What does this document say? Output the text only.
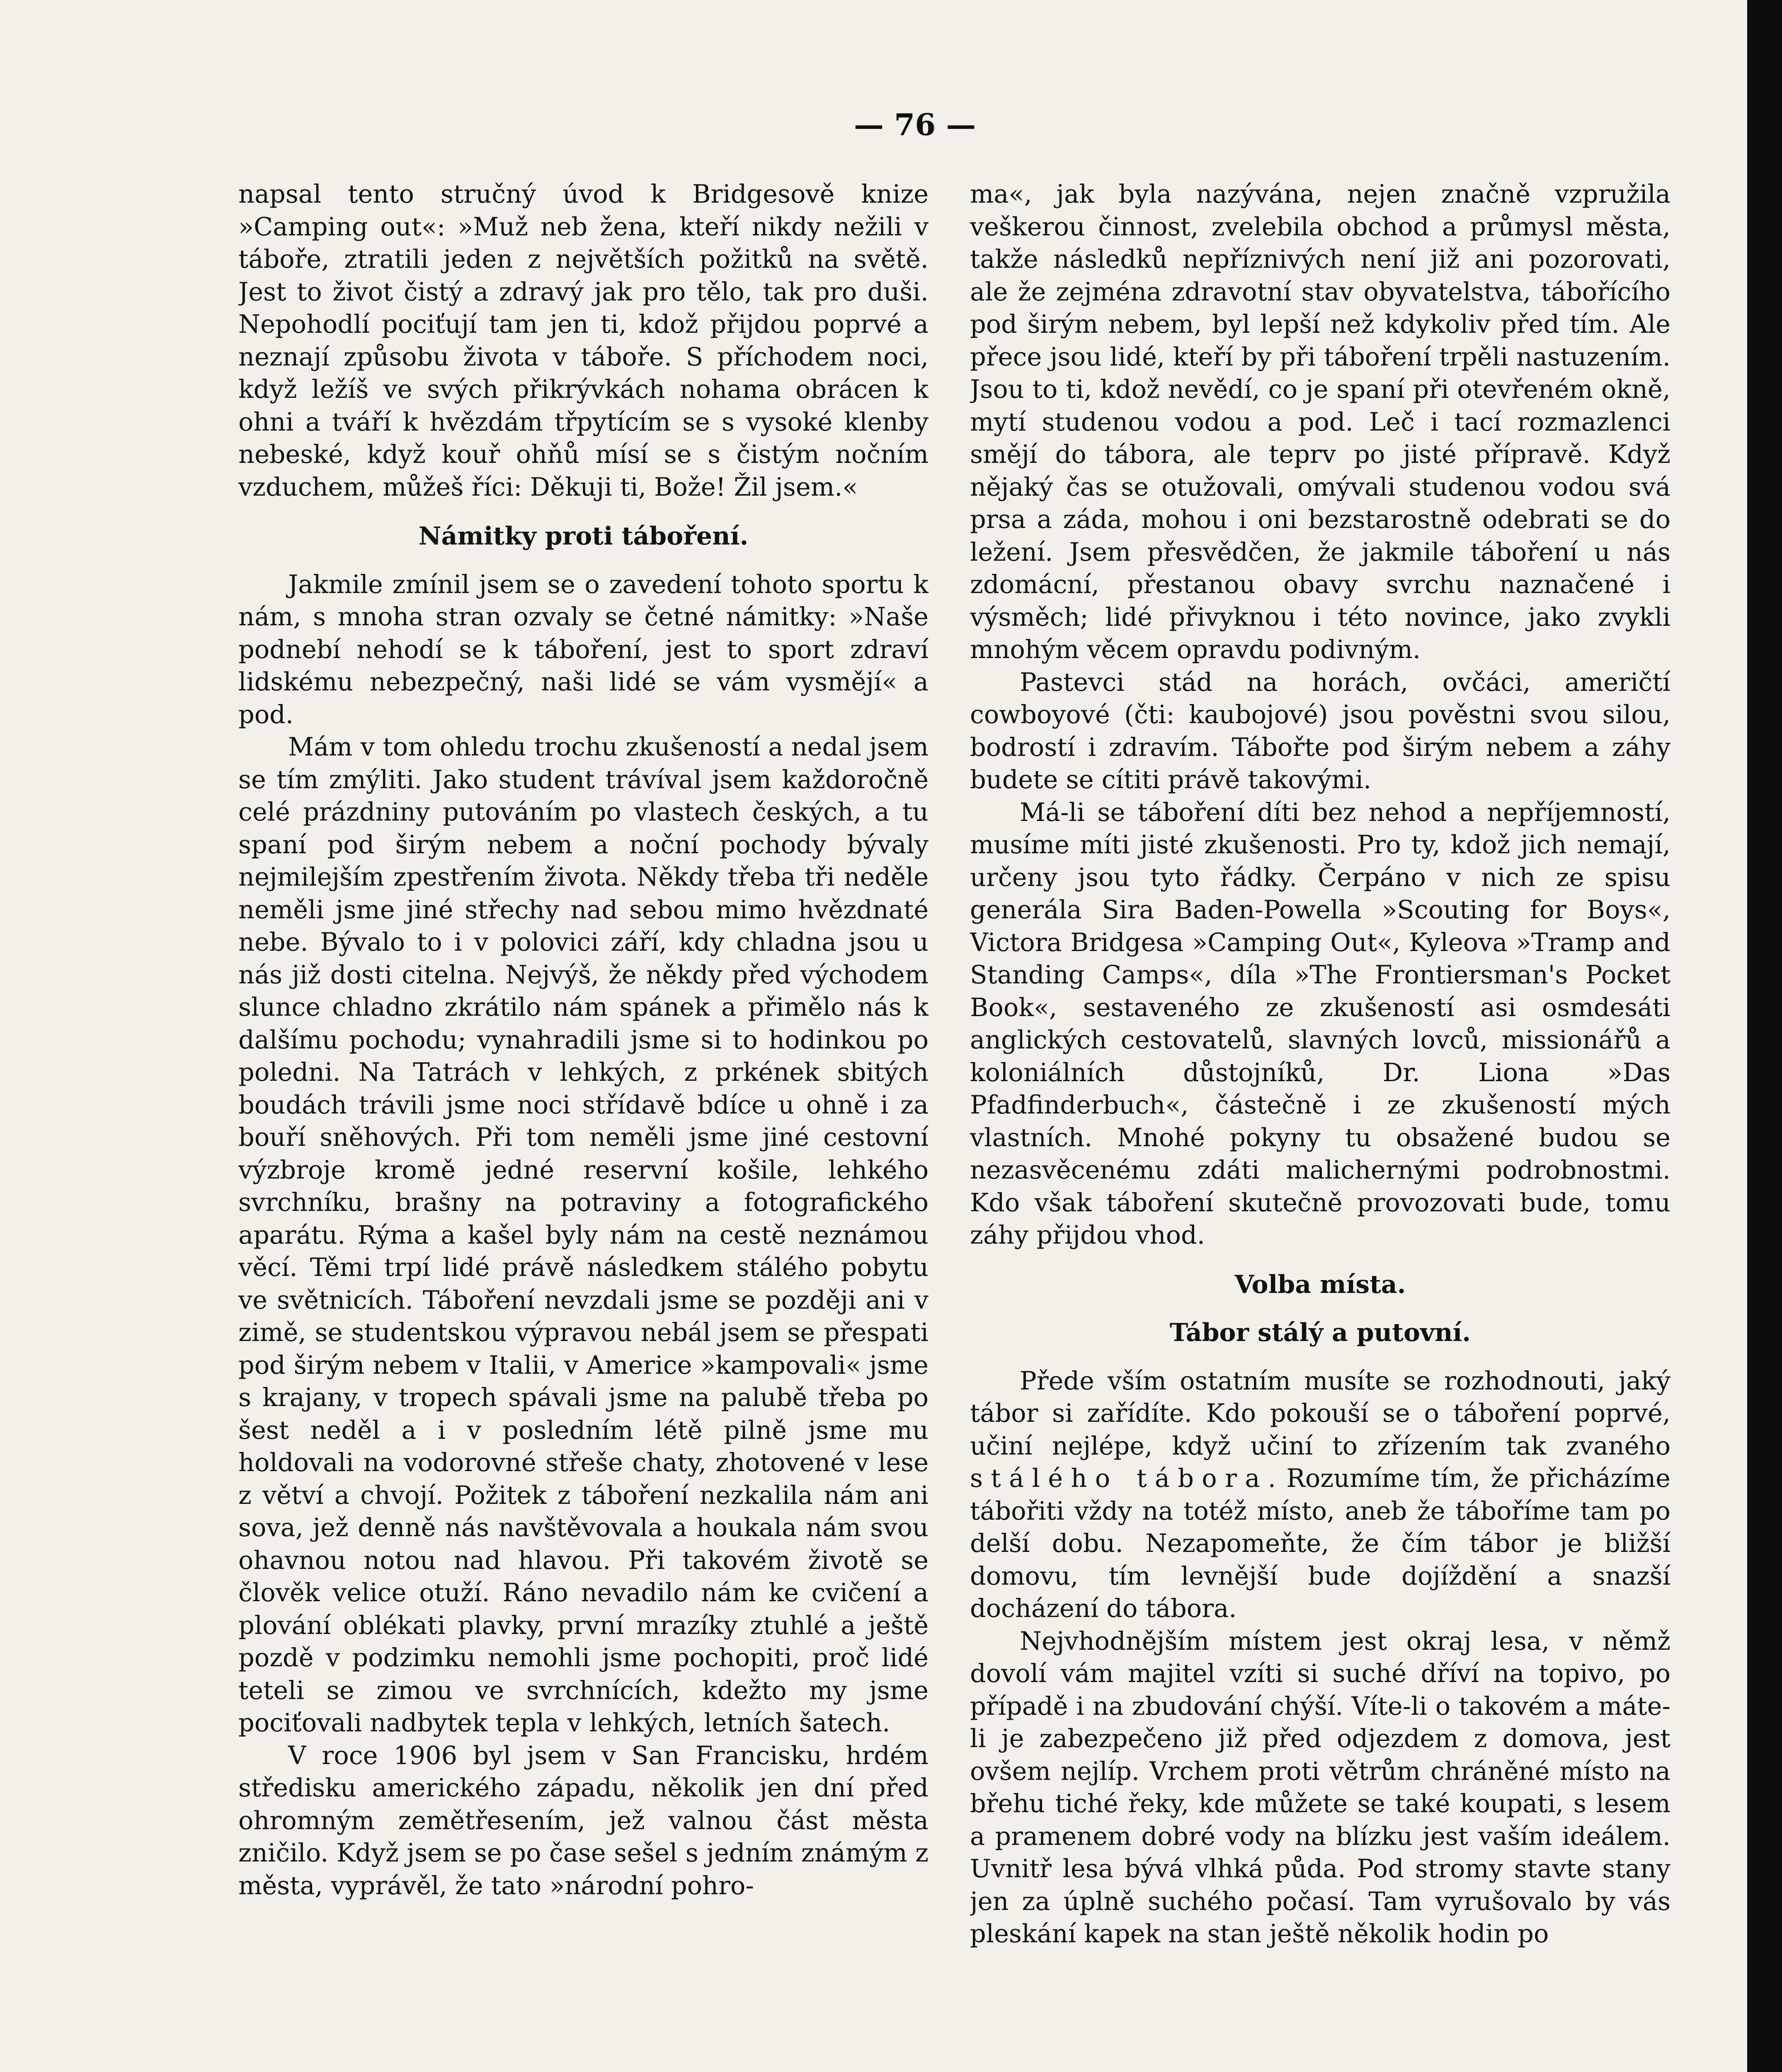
— 76 —

napsal tento stručný úvod k Bridgesově knize »Camping out«: »Muž neb žena, kteří nikdy nežili v táboře, ztratili jeden z největších požitků na světě. Jest to život čistý a zdravý jak pro tělo, tak pro duši. Nepohodlí pociťují tam jen ti, kdož přijdou poprvé a neznají způsobu života v táboře. S příchodem noci, když ležíš ve svých přikrývkách nohama obrácen k ohni a tváří k hvězdám třpytícím se s vysoké klenby nebeské, když kouř ohňů mísí se s čistým nočním vzduchem, můžeš říci: Děkuji ti, Bože! Žil jsem.«

Námitky proti táboření.

Jakmile zmínil jsem se o zavedení tohoto sportu k nám, s mnoha stran ozvaly se četné námitky: »Naše podnebí nehodí se k táboření, jest to sport zdraví lidskému nebezpečný, naši lidé se vám vysmějí« a pod.

Mám v tom ohledu trochu zkušeností a nedal jsem se tím zmýliti. Jako student trávíval jsem každoročně celé prázdniny putováním po vlastech českých, a tu spaní pod širým nebem a noční pochody bývaly nejmilejším zpestřením života. Někdy třeba tři neděle neměli jsme jiné střechy nad sebou mimo hvězdnaté nebe. Bývalo to i v polovici září, kdy chladna jsou u nás již dosti citelna. Nejvýš, že někdy před východem slunce chladno zkrátilo nám spánek a přimělo nás k dalšímu pochodu; vynahradili jsme si to hodinkou po poledni. Na Tatrách v lehkých, z prkének sbitých boudách trávili jsme noci střídavě bdíce u ohně i za bouří sněhových. Při tom neměli jsme jiné cestovní výzbroje kromě jedné reservní košile, lehkého svrchníku, brašny na potraviny a fotografického aparátu. Rýma a kašel byly nám na cestě neznámou věcí. Těmi trpí lidé právě následkem stálého pobytu ve světnicích. Táboření nevzdali jsme se později ani v zimě, se studentskou výpravou nebál jsem se přespati pod širým nebem v Italii, v Americe »kampovali« jsme s krajany, v tropech spávali jsme na palubě třeba po šest neděl a i v posledním létě pilně jsme mu holdovali na vodorovné střeše chaty, zhotovené v lese z větví a chvojí. Požitek z táboření nezkalila nám ani sova, jež denně nás navštěvovala a houkala nám svou ohavnou notou nad hlavou. Při takovém životě se člověk velice otuží. Ráno nevadilo nám ke cvičení a plování oblékati plavky, první mrazíky ztuhlé a ještě pozdě v podzimku nemohli jsme pochopiti, proč lidé teteli se zimou ve svrchnících, kdežto my jsme pociťovali nadbytek tepla v lehkých, letních šatech.

V roce 1906 byl jsem v San Francisku, hrdém středisku amerického západu, několik jen dní před ohromným zemětřesením, jež valnou část města zničilo. Když jsem se po čase sešel s jedním známým z města, vyprávěl, že tato »národní pohro-

ma«, jak byla nazývána, nejen značně vzpružila veškerou činnost, zvelebila obchod a průmysl města, takže následků nepříznivých není již ani pozorovati, ale že zejména zdravotní stav obyvatelstva, tábořícího pod širým nebem, byl lepší než kdykoliv před tím. Ale přece jsou lidé, kteří by při táboření trpěli nastuzením. Jsou to ti, kdož nevědí, co je spaní při otevřeném okně, mytí studenou vodou a pod. Leč i tací rozmazlenci smějí do tábora, ale teprv po jisté přípravě. Když nějaký čas se otužovali, omývali studenou vodou svá prsa a záda, mohou i oni bezstarostně odebrati se do ležení. Jsem přesvědčen, že jakmile táboření u nás zdomácní, přestanou obavy svrchu naznačené i výsměch; lidé přivyknou i této novince, jako zvykli mnohým věcem opravdu podivným.

Pastevci stád na horách, ovčáci, američtí cowboyové (čti: kaubojové) jsou pověstni svou silou, bodrostí i zdravím. Tábořte pod širým nebem a záhy budete se cítiti právě takovými.

Má-li se táboření díti bez nehod a nepříjemností, musíme míti jisté zkušenosti. Pro ty, kdož jich nemají, určeny jsou tyto řádky. Čerpáno v nich ze spisu generála Sira Baden-Powella »Scouting for Boys«, Victora Bridgesa »Camping Out«, Kyleova »Tramp and Standing Camps«, díla »The Frontiersman's Pocket Book«, sestaveného ze zkušeností asi osmdesáti anglických cestovatelů, slavných lovců, missionářů a koloniálních důstojníků, Dr. Liona »Das Pfadfinderbuch«, částečně i ze zkušeností mých vlastních. Mnohé pokyny tu obsažené budou se nezasvěcenému zdáti malichernými podrobnostmi. Kdo však táboření skutečně provozovati bude, tomu záhy přijdou vhod.

Volba místa.
Tábor stálý a putovní.

Přede vším ostatním musíte se rozhodnouti, jaký tábor si zařídíte. Kdo pokouší se o táboření poprvé, učiní nejlépe, když učiní to zřízením tak zvaného stálého tábora. Rozumíme tím, že přicházíme tábořiti vždy na totéž místo, aneb že táboříme tam po delší dobu. Nezapomeňte, že čím tábor je bližší domovu, tím levnější bude dojíždění a snazší docházení do tábora.

Nejvhodnějším místem jest okraj lesa, v němž dovolí vám majitel vzíti si suché dříví na topivo, po případě i na zbudování chýší. Víte-li o takovém a máte-li je zabezpečeno již před odjezdem z domova, jest ovšem nejlíp. Vrchem proti větrům chráněné místo na břehu tiché řeky, kde můžete se také koupati, s lesem a pramenem dobré vody na blízku jest vaším ideálem. Uvnitř lesa bývá vlhká půda. Pod stromy stavte stany jen za úplně suchého počasí. Tam vyrušovalo by vás pleskání kapek na stan ještě několik hodin po
